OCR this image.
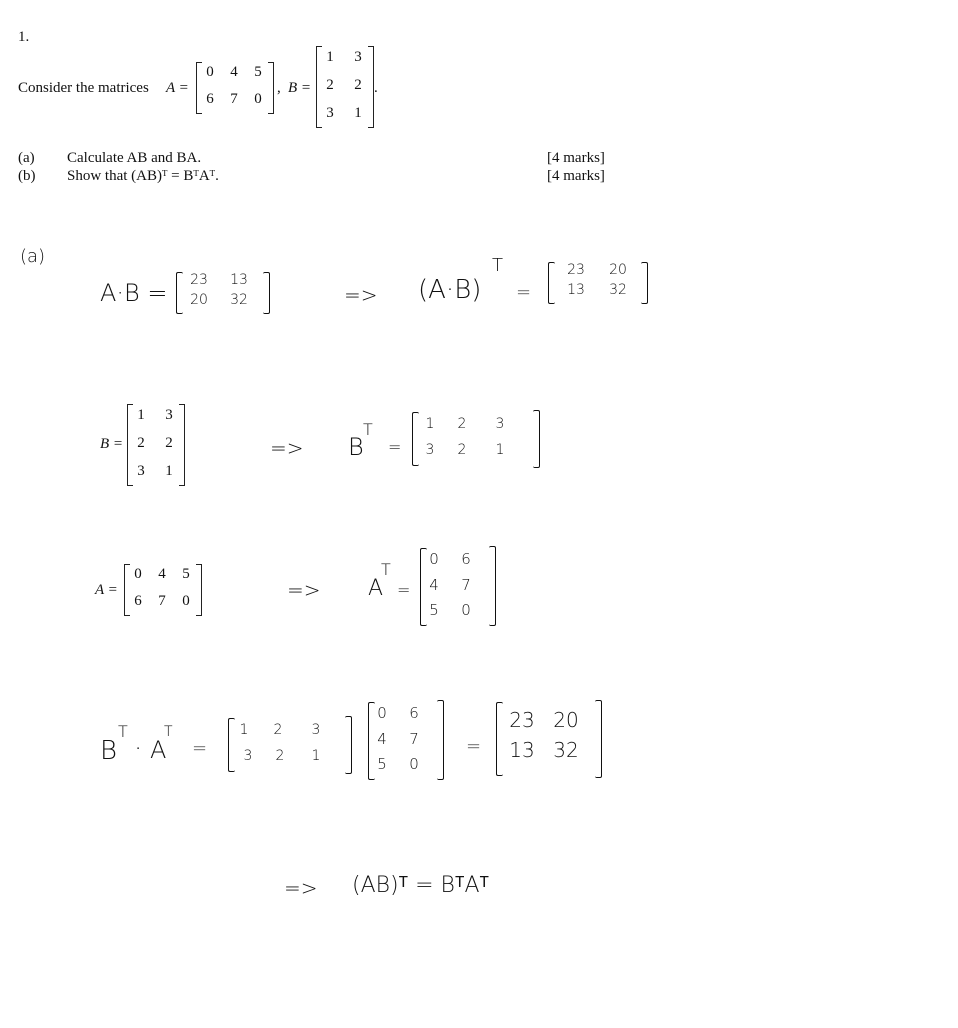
1.
Consider the matrices A =
0 4 5
6 7 0
, B =
1 3
2 2
3 1
.
(a) Calculate AB and BA.	[4 marks]
(b) Show that (AB)ᵀ = BᵀAᵀ.	[4 marks]
(a)
A·B = 23 13
20 32	=> (A·B)
T
=
23	20
13	32
B =
1 3
2 2
3 1
=> B
T
=
1	2	3
3	2	1
A =
0 4 5
6 7 0	=> A
T
=
0	6
4	7
5	0
B
T
· A
T
=
1	2	3
3	2	1
0	6
4	7
5	0
=
23 20
13 32
=> (AB)ᵀ = BᵀAᵀ
